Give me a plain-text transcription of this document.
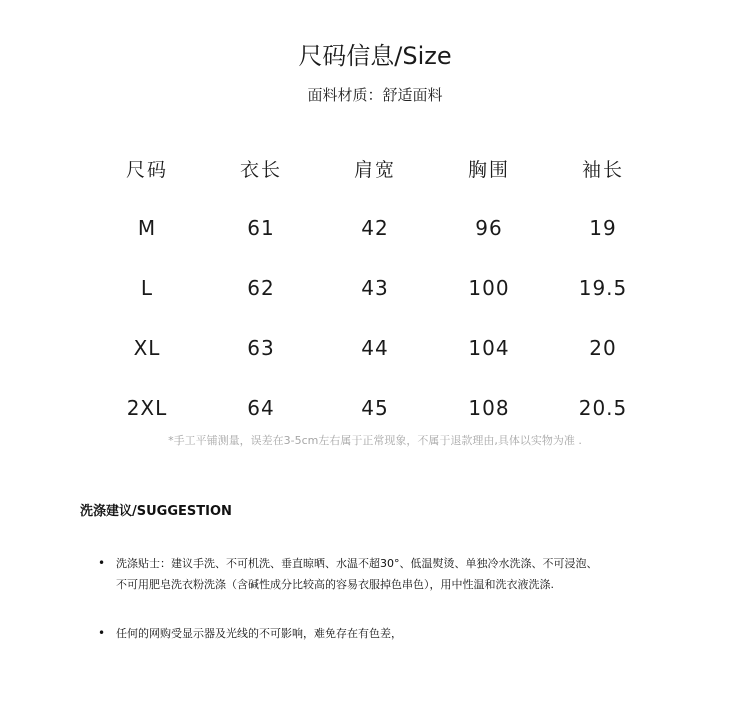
尺码信息/Size
面料材质：舒适面料
尺码	衣长	肩宽	胸围	袖长
M	61	42	96	19
L	62	43	100	19.5
XL	63	44	104	20
2XL	64	45	108	20.5
*手工平铺测量，误差在3-5cm左右属于正常现象，不属于退款理由,具体以实物为准 .
洗涤建议/SUGGESTION
• 洗涤贴士：建议手洗、不可机洗、垂直晾晒、水温不超30°、低温熨烫、单独冷水洗涤、不可浸泡、
不可用肥皂洗衣粉洗涤（含碱性成分比较高的容易衣服掉色串色），用中性温和洗衣液洗涤.
• 任何的网购受显示器及光线的不可影响，难免存在有色差，
